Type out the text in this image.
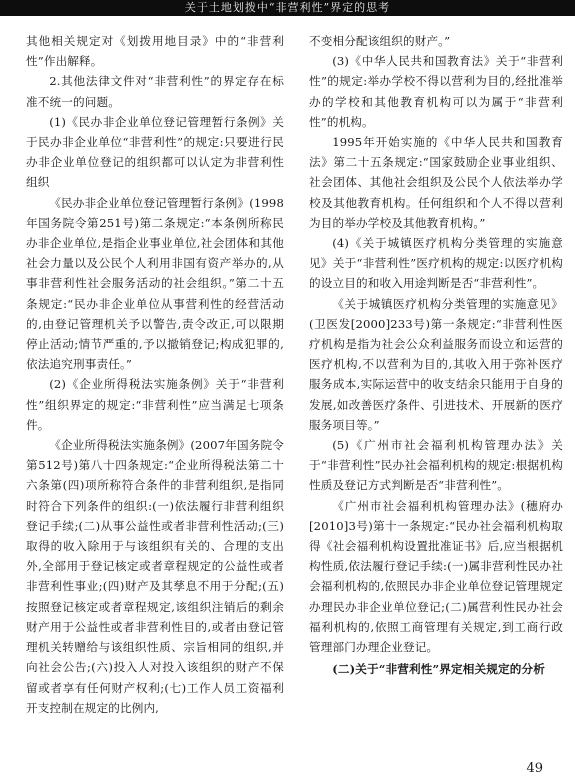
关于土地划拨中“非营利性”界定的思考

其他相关规定对《划拨用地目录》中的“非营利性”作出解释。

2.其他法律文件对“非营利性”的界定存在标准不统一的问题。

(1)《民办非企业单位登记管理暂行条例》关于民办非企业单位“非营利性”的规定:只要进行民办非企业单位登记的组织都可以认定为非营利性组织

《民办非企业单位登记管理暂行条例》(1998年国务院令第251号)第二条规定:“本条例所称民办非企业单位,是指企业事业单位,社会团体和其他社会力量以及公民个人利用非国有资产举办的,从事非营利性社会服务活动的社会组织。”第二十五条规定:“民办非企业单位从事营利性的经营活动的,由登记管理机关予以警告,责令改正,可以限期停止活动;情节严重的,予以撤销登记;构成犯罪的,依法追究刑事责任。”

(2)《企业所得税法实施条例》关于“非营利性”组织界定的规定:“非营利性”应当满足七项条件。

《企业所得税法实施条例》(2007年国务院令第512号)第八十四条规定:“企业所得税法第二十六条第(四)项所称符合条件的非营利组织,是指同时符合下列条件的组织:(一)依法履行非营利组织登记手续;(二)从事公益性或者非营利性活动;(三)取得的收入除用于与该组织有关的、合理的支出外,全部用于登记核定或者章程规定的公益性或者非营利性事业;(四)财产及其孳息不用于分配;(五)按照登记核定或者章程规定,该组织注销后的剩余财产用于公益性或者非营利性目的,或者由登记管理机关转赠给与该组织性质、宗旨相同的组织,并向社会公告;(六)投入人对投入该组织的财产不保留或者享有任何财产权利;(七)工作人员工资福利开支控制在规定的比例内,

不变相分配该组织的财产。”

(3)《中华人民共和国教育法》关于“非营利性”的规定:举办学校不得以营利为目的,经批准举办的学校和其他教育机构可以为属于“非营利性”的机构。

1995年开始实施的《中华人民共和国教育法》第二十五条规定:“国家鼓励企业事业组织、社会团体、其他社会组织及公民个人依法举办学校及其他教育机构。任何组织和个人不得以营利为目的举办学校及其他教育机构。”

(4)《关于城镇医疗机构分类管理的实施意见》关于“非营利性”医疗机构的规定:以医疗机构的设立目的和收入用途判断是否“非营利性”。

《关于城镇医疗机构分类管理的实施意见》(卫医发[2000]233号)第一条规定:“非营利性医疗机构是指为社会公众利益服务而设立和运营的医疗机构,不以营利为目的,其收入用于弥补医疗服务成本,实际运营中的收支结余只能用于自身的发展,如改善医疗条件、引进技术、开展新的医疗服务项目等。”

(5)《广州市社会福利机构管理办法》关于“非营利性”民办社会福利机构的规定:根据机构性质及登记方式判断是否“非营利性”。

《广州市社会福利机构管理办法》(穗府办[2010]3号)第十一条规定:“民办社会福利机构取得《社会福利机构设置批准证书》后,应当根据机构性质,依法履行登记手续:(一)属非营利性民办社会福利机构的,依照民办非企业单位登记管理规定办理民办非企业单位登记;(二)属营利性民办社会福利机构的,依照工商管理有关规定,到工商行政管理部门办理企业登记。

(二)关于“非营利性”界定相关规定的分析

49
